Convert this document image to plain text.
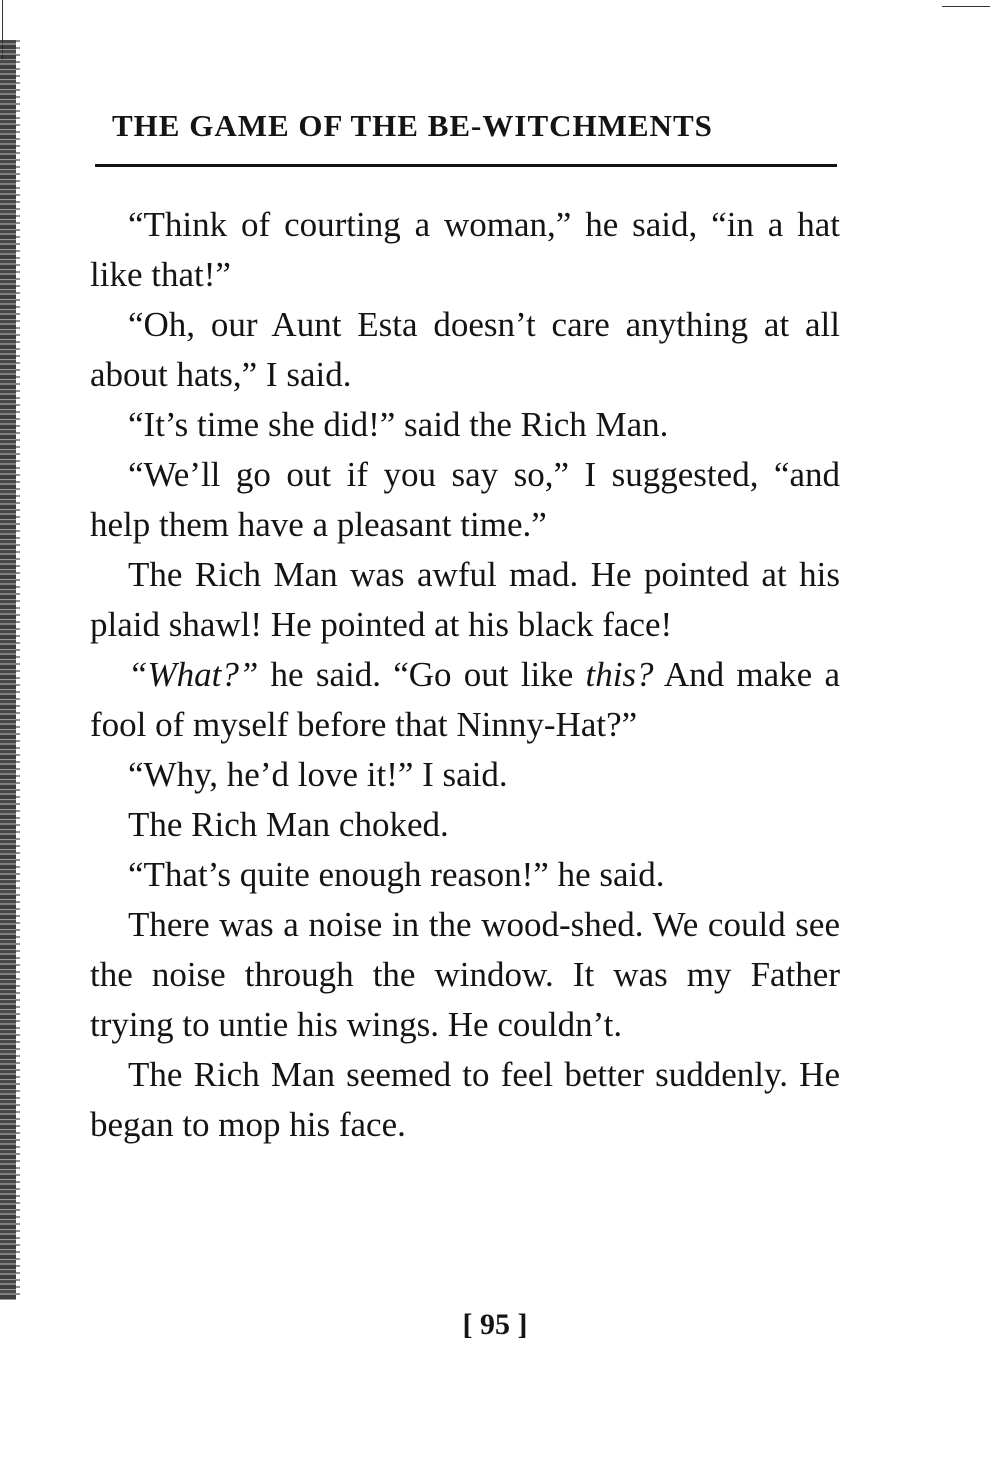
THE GAME OF THE BE-WITCHMENTS

“Think of courting a woman,” he said, “in a hat like that!”

“Oh, our Aunt Esta doesn’t care anything at all about hats,” I said.

“It’s time she did!” said the Rich Man.

“We’ll go out if you say so,” I suggested, “and help them have a pleasant time.”

The Rich Man was awful mad. He pointed at his plaid shawl! He pointed at his black face!

“What?” he said. “Go out like this? And make a fool of myself before that Ninny-Hat?”

“Why, he’d love it!” I said.

The Rich Man choked.

“That’s quite enough reason!” he said.

There was a noise in the wood-shed. We could see the noise through the window. It was my Father trying to untie his wings. He couldn’t.

The Rich Man seemed to feel better suddenly. He began to mop his face.

[ 95 ]
